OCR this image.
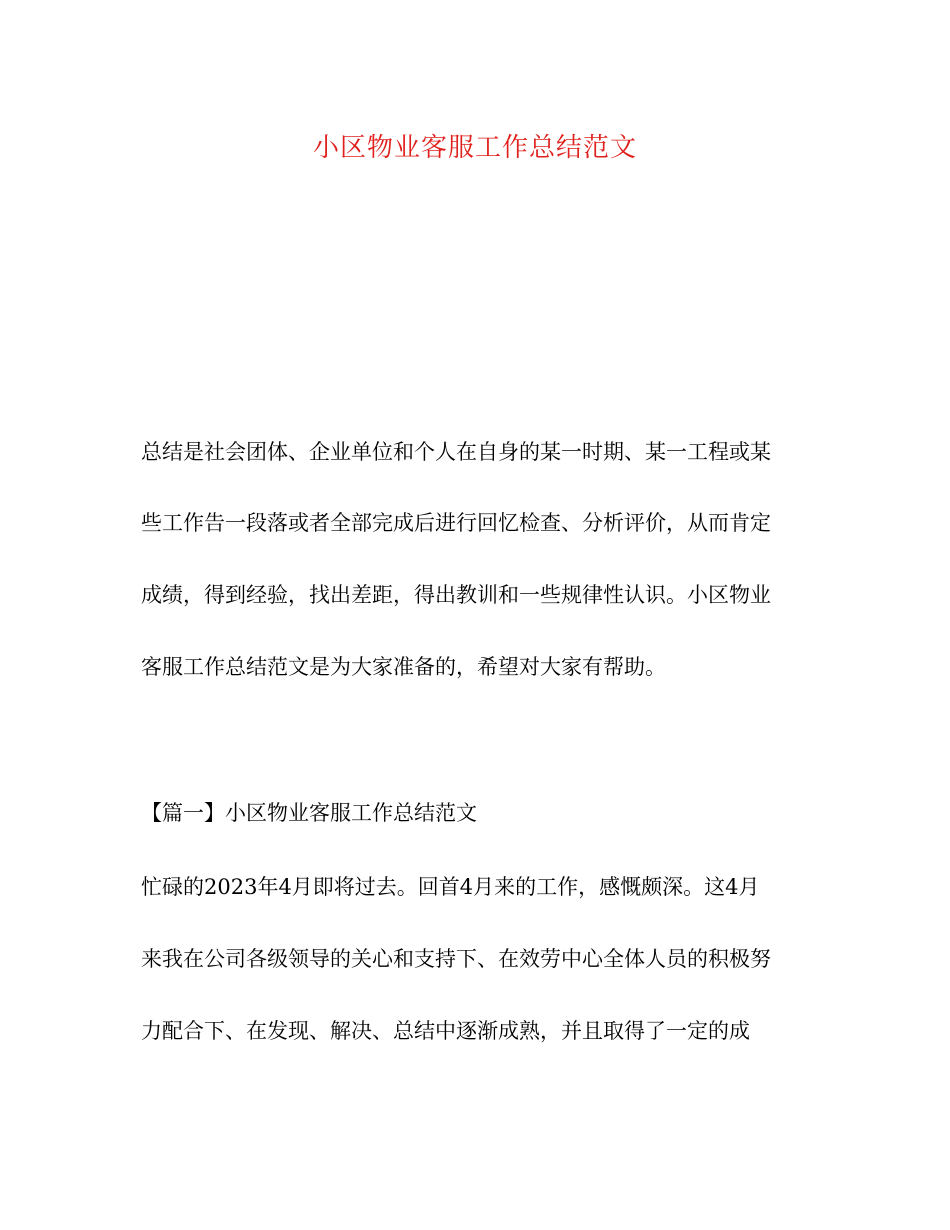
小区物业客服工作总结范文

总结是社会团体、企业单位和个人在自身的某一时期、某一工程或某

些工作告一段落或者全部完成后进行回忆检查、分析评价，从而肯定

成绩，得到经验，找出差距，得出教训和一些规律性认识。小区物业

客服工作总结范文是为大家准备的，希望对大家有帮助。

【篇一】小区物业客服工作总结范文

忙碌的2023年4月即将过去。回首4月来的工作，感慨颇深。这4月

来我在公司各级领导的关心和支持下、在效劳中心全体人员的积极努

力配合下、在发现、解决、总结中逐渐成熟，并且取得了一定的成
